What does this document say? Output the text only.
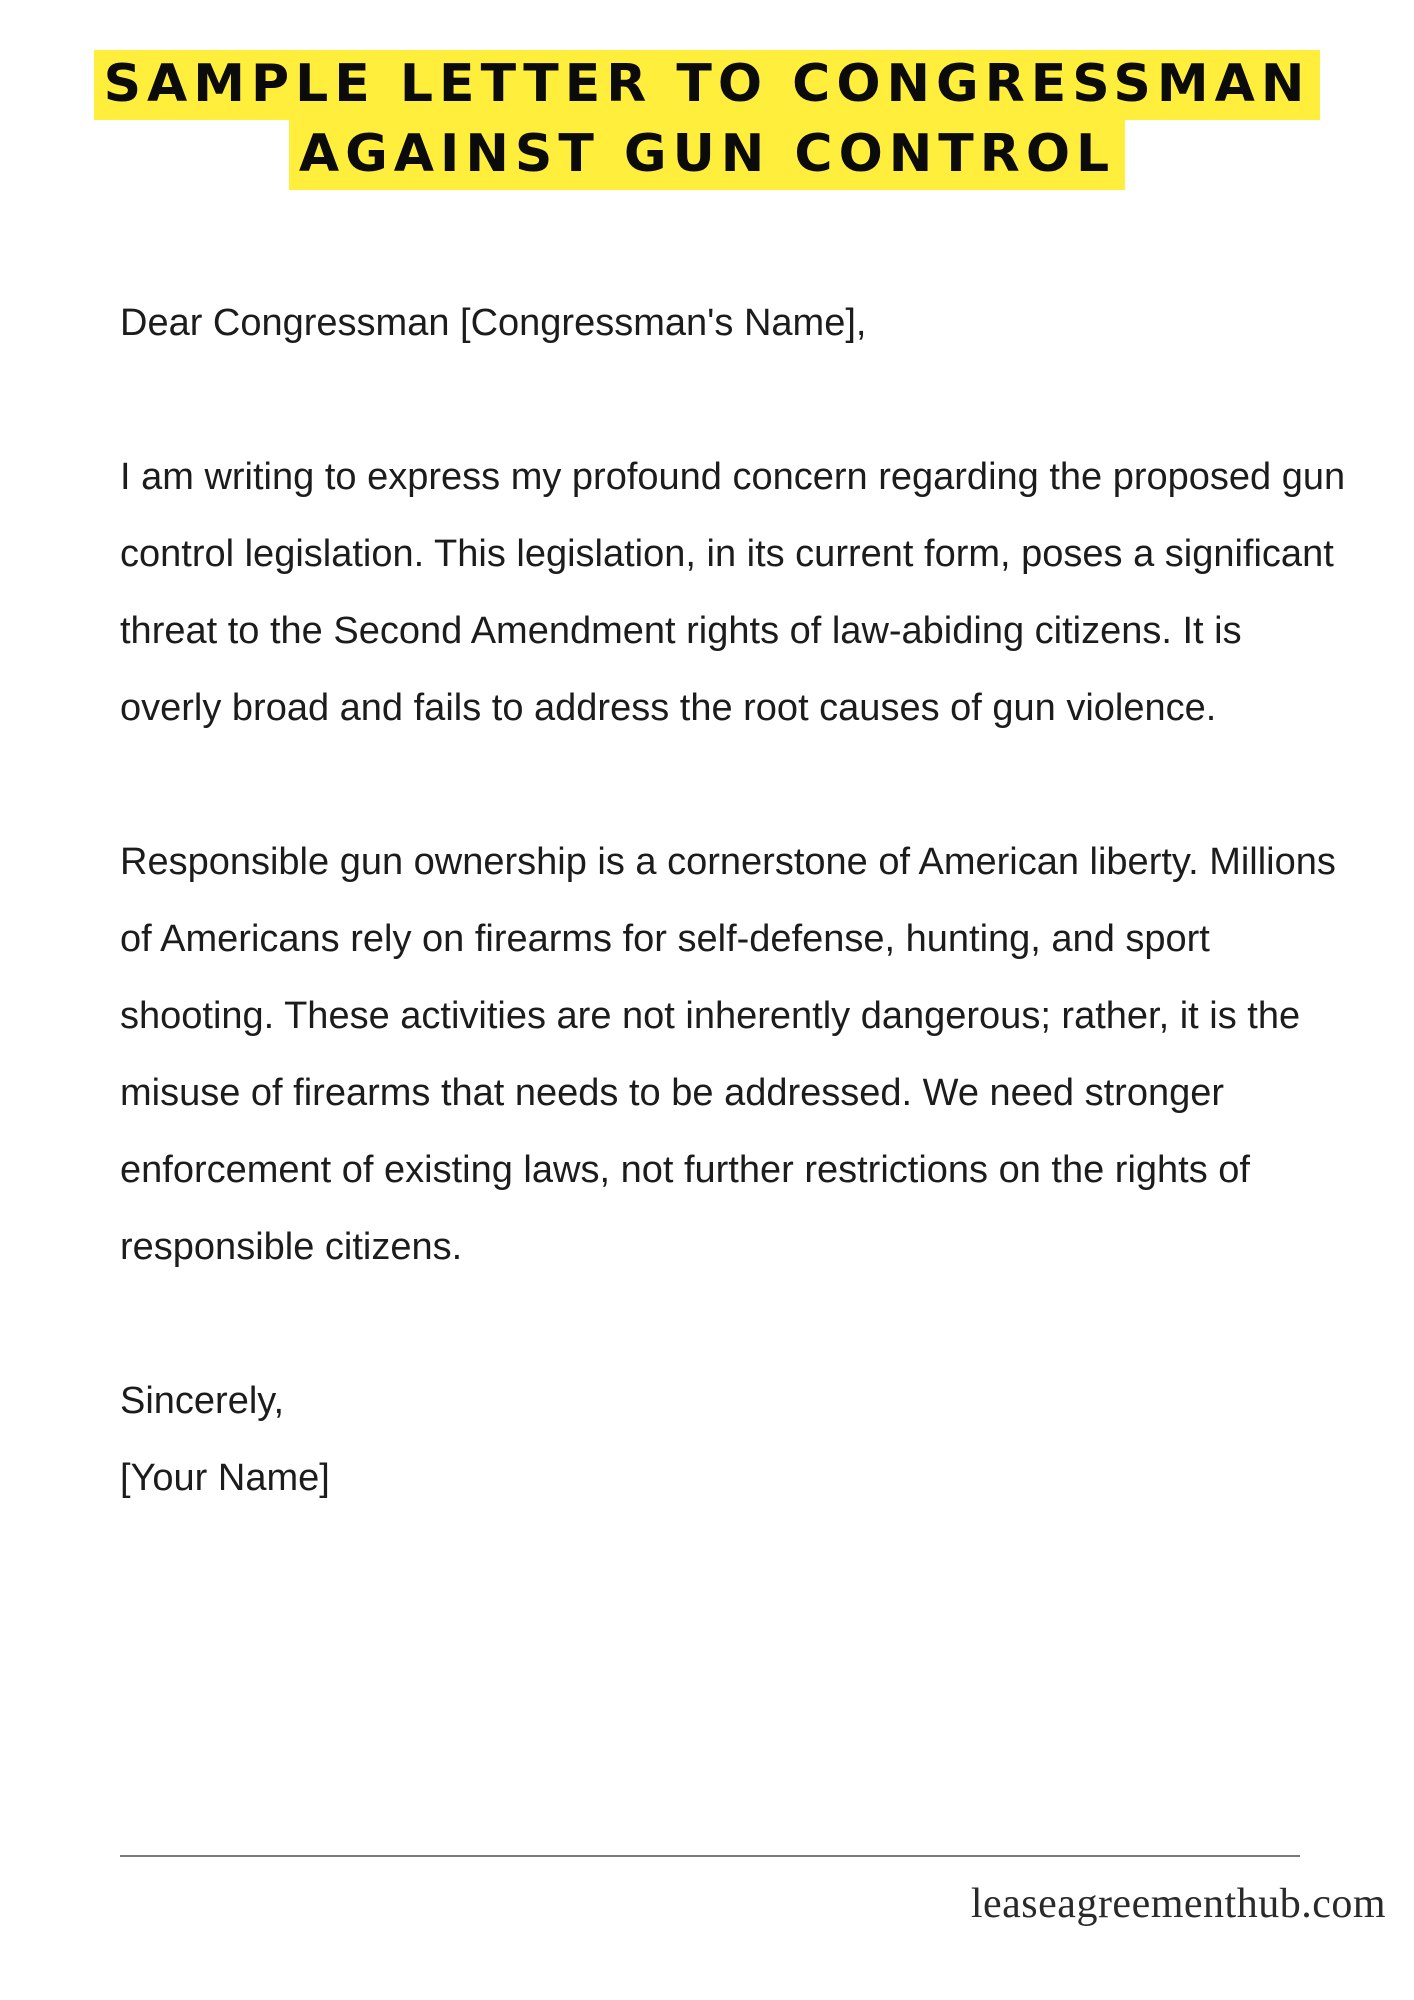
SAMPLE LETTER TO CONGRESSMAN
AGAINST GUN CONTROL

Dear Congressman [Congressman's Name],

I am writing to express my profound concern regarding the proposed gun control legislation. This legislation, in its current form, poses a significant threat to the Second Amendment rights of law-abiding citizens. It is overly broad and fails to address the root causes of gun violence.

Responsible gun ownership is a cornerstone of American liberty. Millions of Americans rely on firearms for self-defense, hunting, and sport shooting. These activities are not inherently dangerous; rather, it is the misuse of firearms that needs to be addressed. We need stronger enforcement of existing laws, not further restrictions on the rights of responsible citizens.

Sincerely,

[Your Name]

leaseagreementhub.com
